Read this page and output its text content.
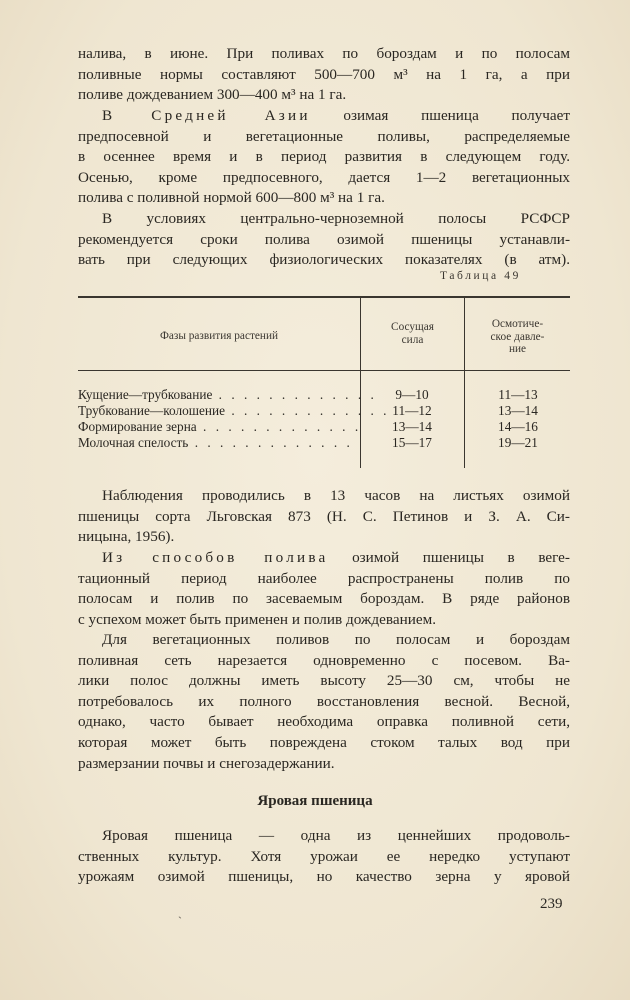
налива, в июне. При поливах по бороздам и по полосам
поливные нормы составляют 500—700 м³ на 1 га, а при
поливе дождеванием 300—400 м³ на 1 га.
В Средней Азии озимая пшеница получает
предпосевной и вегетационные поливы, распределяемые
в осеннее время и в период развития в следующем году.
Осенью, кроме предпосевного, дается 1—2 вегетационных
полива с поливной нормой 600—800 м³ на 1 га.
В условиях центрально-черноземной полосы РСФСР
рекомендуется сроки полива озимой пшеницы устанавли-
вать при следующих физиологических показателях (в атм).
Таблица 49
Фазы развития растений
Сосущая
сила
Осмотиче-
ское давле-
ние
Кущение—трубкование . . . . . . . . . . . . .	9—10	11—13
Трубкование—колошение . . . . . . . . . . . . . 11—12	13—14
Формирование зерна . . . . . . . . . . . . .	13—14	14—16
Молочная спелость . . . . . . . . . . . . .	15—17	19—21
Наблюдения проводились в 13 часов на листьях озимой
пшеницы сорта Льговская 873 (Н. С. Петинов и З. А. Си-
ницына, 1956).
Из способов полива озимой пшеницы в веге-
тационный период наиболее распространены полив по
полосам и полив по засеваемым бороздам. В ряде районов
с успехом может быть применен и полив дождеванием.
Для вегетационных поливов по полосам и бороздам
поливная сеть нарезается одновременно с посевом. Ва-
лики полос должны иметь высоту 25—30 см, чтобы не
потребовалось их полного восстановления весной. Весной,
однако, часто бывает необходима оправка поливной сети,
которая может быть повреждена стоком талых вод при
размерзании почвы и снегозадержании.
Яровая пшеница
Яровая пшеница — одна из ценнейших продоволь-
ственных культур. Хотя урожаи ее нередко уступают
урожаям озимой пшеницы, но качество зерна у яровой
239
`
